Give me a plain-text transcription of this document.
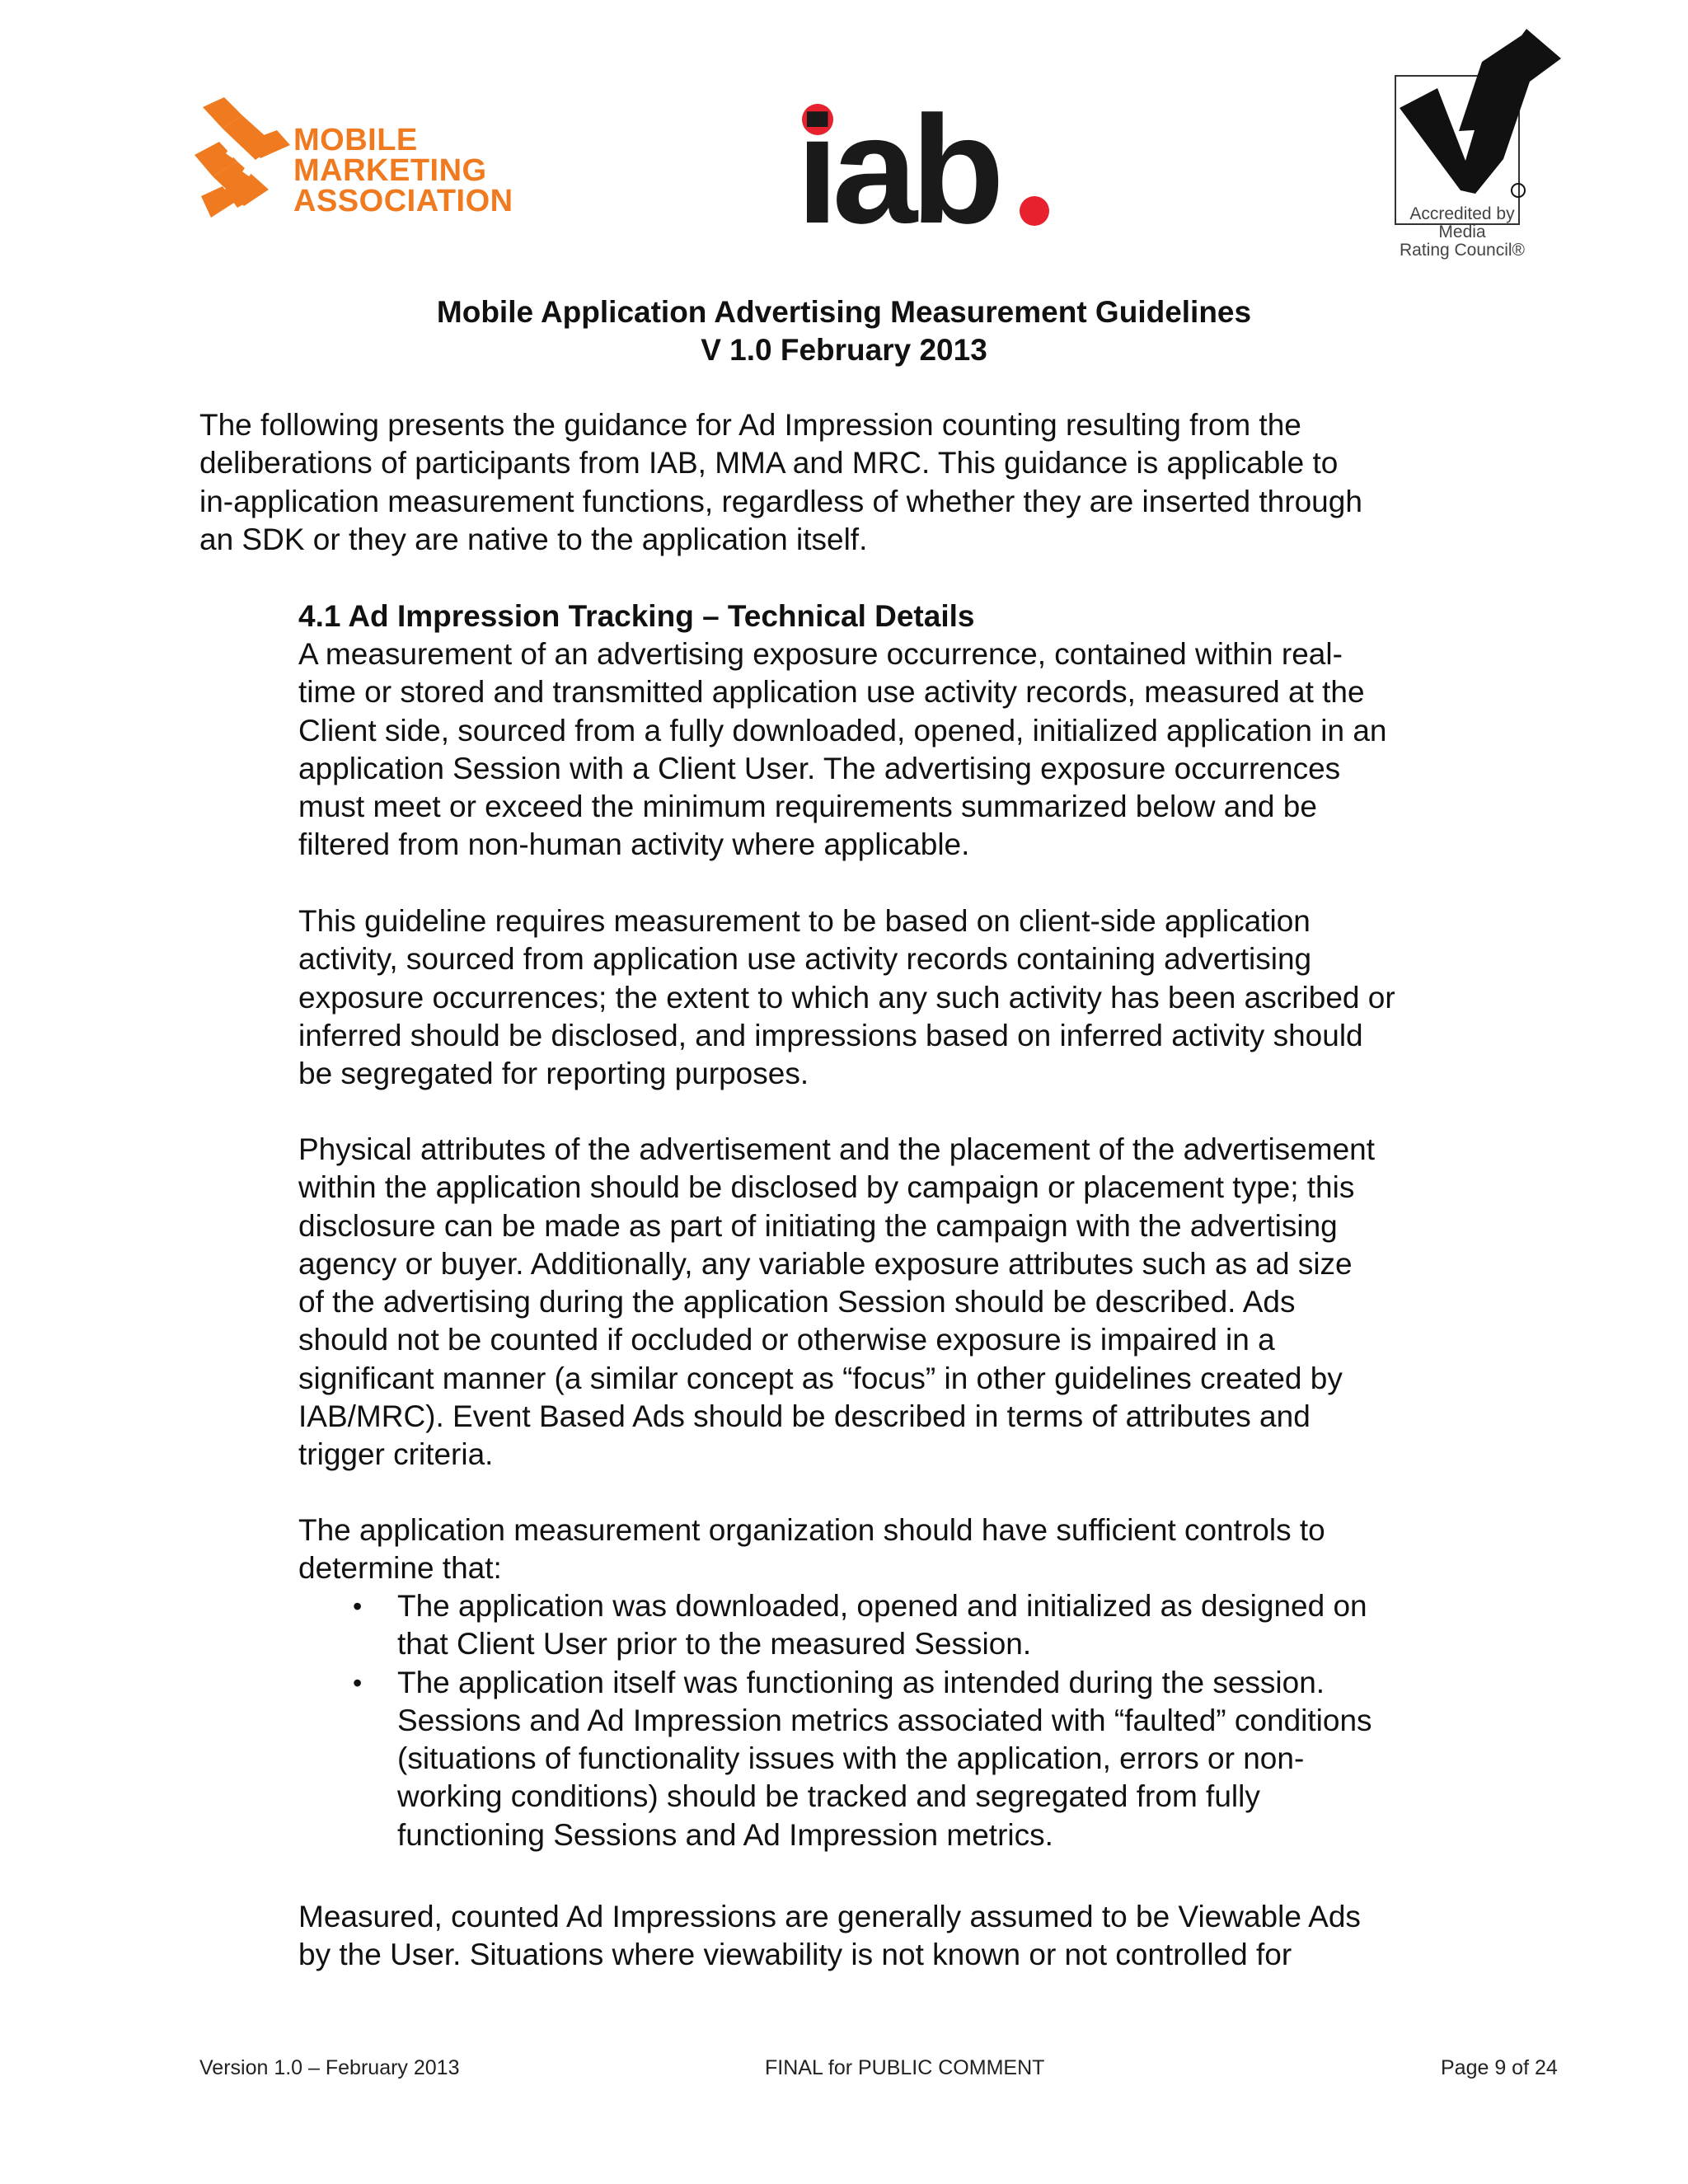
MOBILE
MARKETING
ASSOCIATION iab	Accredited by
Media
Rating Council®
Mobile Application Advertising Measurement Guidelines
V 1.0 February 2013

The following presents the guidance for Ad Impression counting resulting from the
deliberations of participants from IAB, MMA and MRC. This guidance is applicable to
in-application measurement functions, regardless of whether they are inserted through
an SDK or they are native to the application itself.

4.1 Ad Impression Tracking – Technical Details

A measurement of an advertising exposure occurrence, contained within real-
time or stored and transmitted application use activity records, measured at the
Client side, sourced from a fully downloaded, opened, initialized application in an
application Session with a Client User. The advertising exposure occurrences
must meet or exceed the minimum requirements summarized below and be
filtered from non-human activity where applicable.

This guideline requires measurement to be based on client-side application
activity, sourced from application use activity records containing advertising
exposure occurrences; the extent to which any such activity has been ascribed or
inferred should be disclosed, and impressions based on inferred activity should
be segregated for reporting purposes.

Physical attributes of the advertisement and the placement of the advertisement
within the application should be disclosed by campaign or placement type; this
disclosure can be made as part of initiating the campaign with the advertising
agency or buyer. Additionally, any variable exposure attributes such as ad size
of the advertising during the application Session should be described. Ads
should not be counted if occluded or otherwise exposure is impaired in a
significant manner (a similar concept as “focus” in other guidelines created by
IAB/MRC). Event Based Ads should be described in terms of attributes and
trigger criteria.

The application measurement organization should have sufficient controls to
determine that:

• The application was downloaded, opened and initialized as designed on
that Client User prior to the measured Session.
• The application itself was functioning as intended during the session.
Sessions and Ad Impression metrics associated with “faulted” conditions
(situations of functionality issues with the application, errors or non-
working conditions) should be tracked and segregated from fully
functioning Sessions and Ad Impression metrics.

Measured, counted Ad Impressions are generally assumed to be Viewable Ads
by the User. Situations where viewability is not known or not controlled for

Version 1.0 – February 2013	FINAL for PUBLIC COMMENT	Page 9 of 24
